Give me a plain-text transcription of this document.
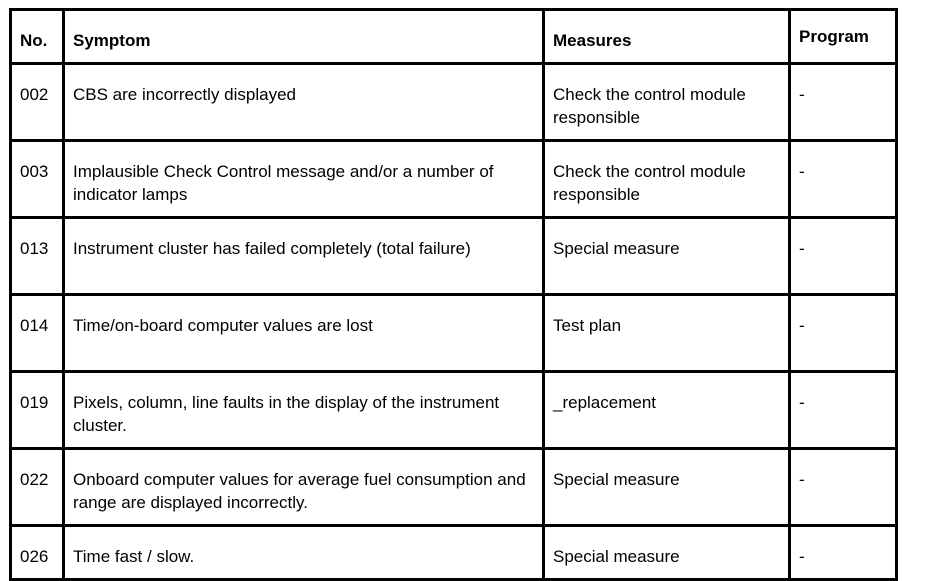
No.	Symptom	Measures	Program
002	CBS are incorrectly displayed	Check the control module responsible	-
003	Implausible Check Control message and/or a number of indicator lamps	Check the control module responsible	-
013	Instrument cluster has failed completely (total failure)	Special measure	-
014	Time/on-board computer values are lost	Test plan	-
019	Pixels, column, line faults in the display of the instrument cluster.	_replacement	-
022	Onboard computer values for average fuel consumption and range are displayed incorrectly.	Special measure	-
026	Time fast / slow.	Special measure	-
